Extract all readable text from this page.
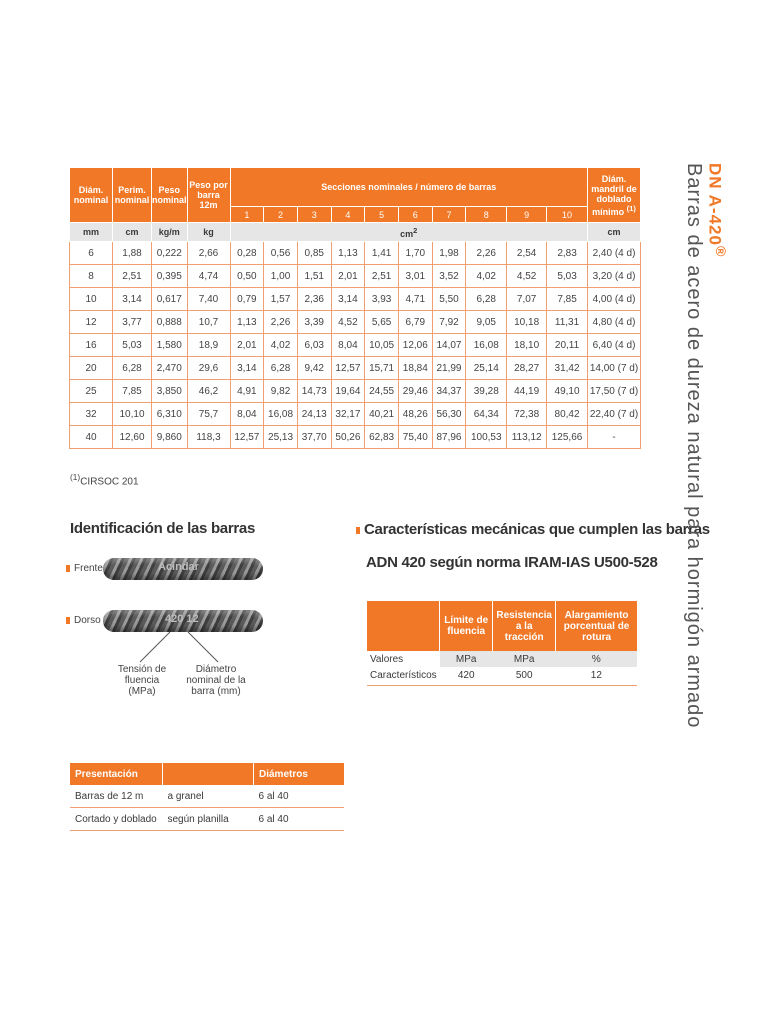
Diám. nominal	Perim. nominal	Peso nominal	Peso por barra 12m	Secciones nominales / número de barras										Diám. mandril de doblado mínimo $^{(1)}$
				1	2	3	4	5	6	7	8	9	10	
mm	cm	kg/m	kg	$cm^2$										cm
6	1,88	0,222	2,66	0,28	0,56	0,85	1,13	1,41	1,70	1,98	2,26	2,54	2,83	2,40 (4 d)
8	2,51	0,395	4,74	0,50	1,00	1,51	2,01	2,51	3,01	3,52	4,02	4,52	5,03	3,20 (4 d)
10	3,14	0,617	7,40	0,79	1,57	2,36	3,14	3,93	4,71	5,50	6,28	7,07	7,85	4,00 (4 d)
12	3,77	0,888	10,7	1,13	2,26	3,39	4,52	5,65	6,79	7,92	9,05	10,18	11,31	4,80 (4 d)
16	5,03	1,580	18,9	2,01	4,02	6,03	8,04	10,05	12,06	14,07	16,08	18,10	20,11	6,40 (4 d)
20	6,28	2,470	29,6	3,14	6,28	9,42	12,57	15,71	18,84	21,99	25,14	28,27	31,42	14,00 (7 d)
25	7,85	3,850	46,2	4,91	9,82	14,73	19,64	24,55	29,46	34,37	39,28	44,19	49,10	17,50 (7 d)
32	10,10	6,310	75,7	8,04	16,08	24,13	32,17	40,21	48,26	56,30	64,34	72,38	80,42	22,40 (7 d)
40	12,60	9,860	118,3	12,57	25,13	37,70	50,26	62,83	75,40	87,96	100,53	113,12	125,66	-
$^{(1)}$CIRSOC 201
Identificación de las barras
Frente	Acindar
Dorso	420 12
Tensión de fluencia (MPa)
Diámetro nominal de la barra (mm)
Características mecánicas que cumplen las barras
ADN 420 según norma IRAM-IAS U500-528
	Límite de fluencia	Resistencia a la tracción	Alargamiento porcentual de rotura
Valores	MPa	MPa	%
Característicos	420	500	12

Presentación		Diámetros
Barras de 12 m	a granel	6 al 40
Cortado y doblado	según planilla	6 al 40
DN A-420®
Barras de acero de dureza natural para hormigón armado
